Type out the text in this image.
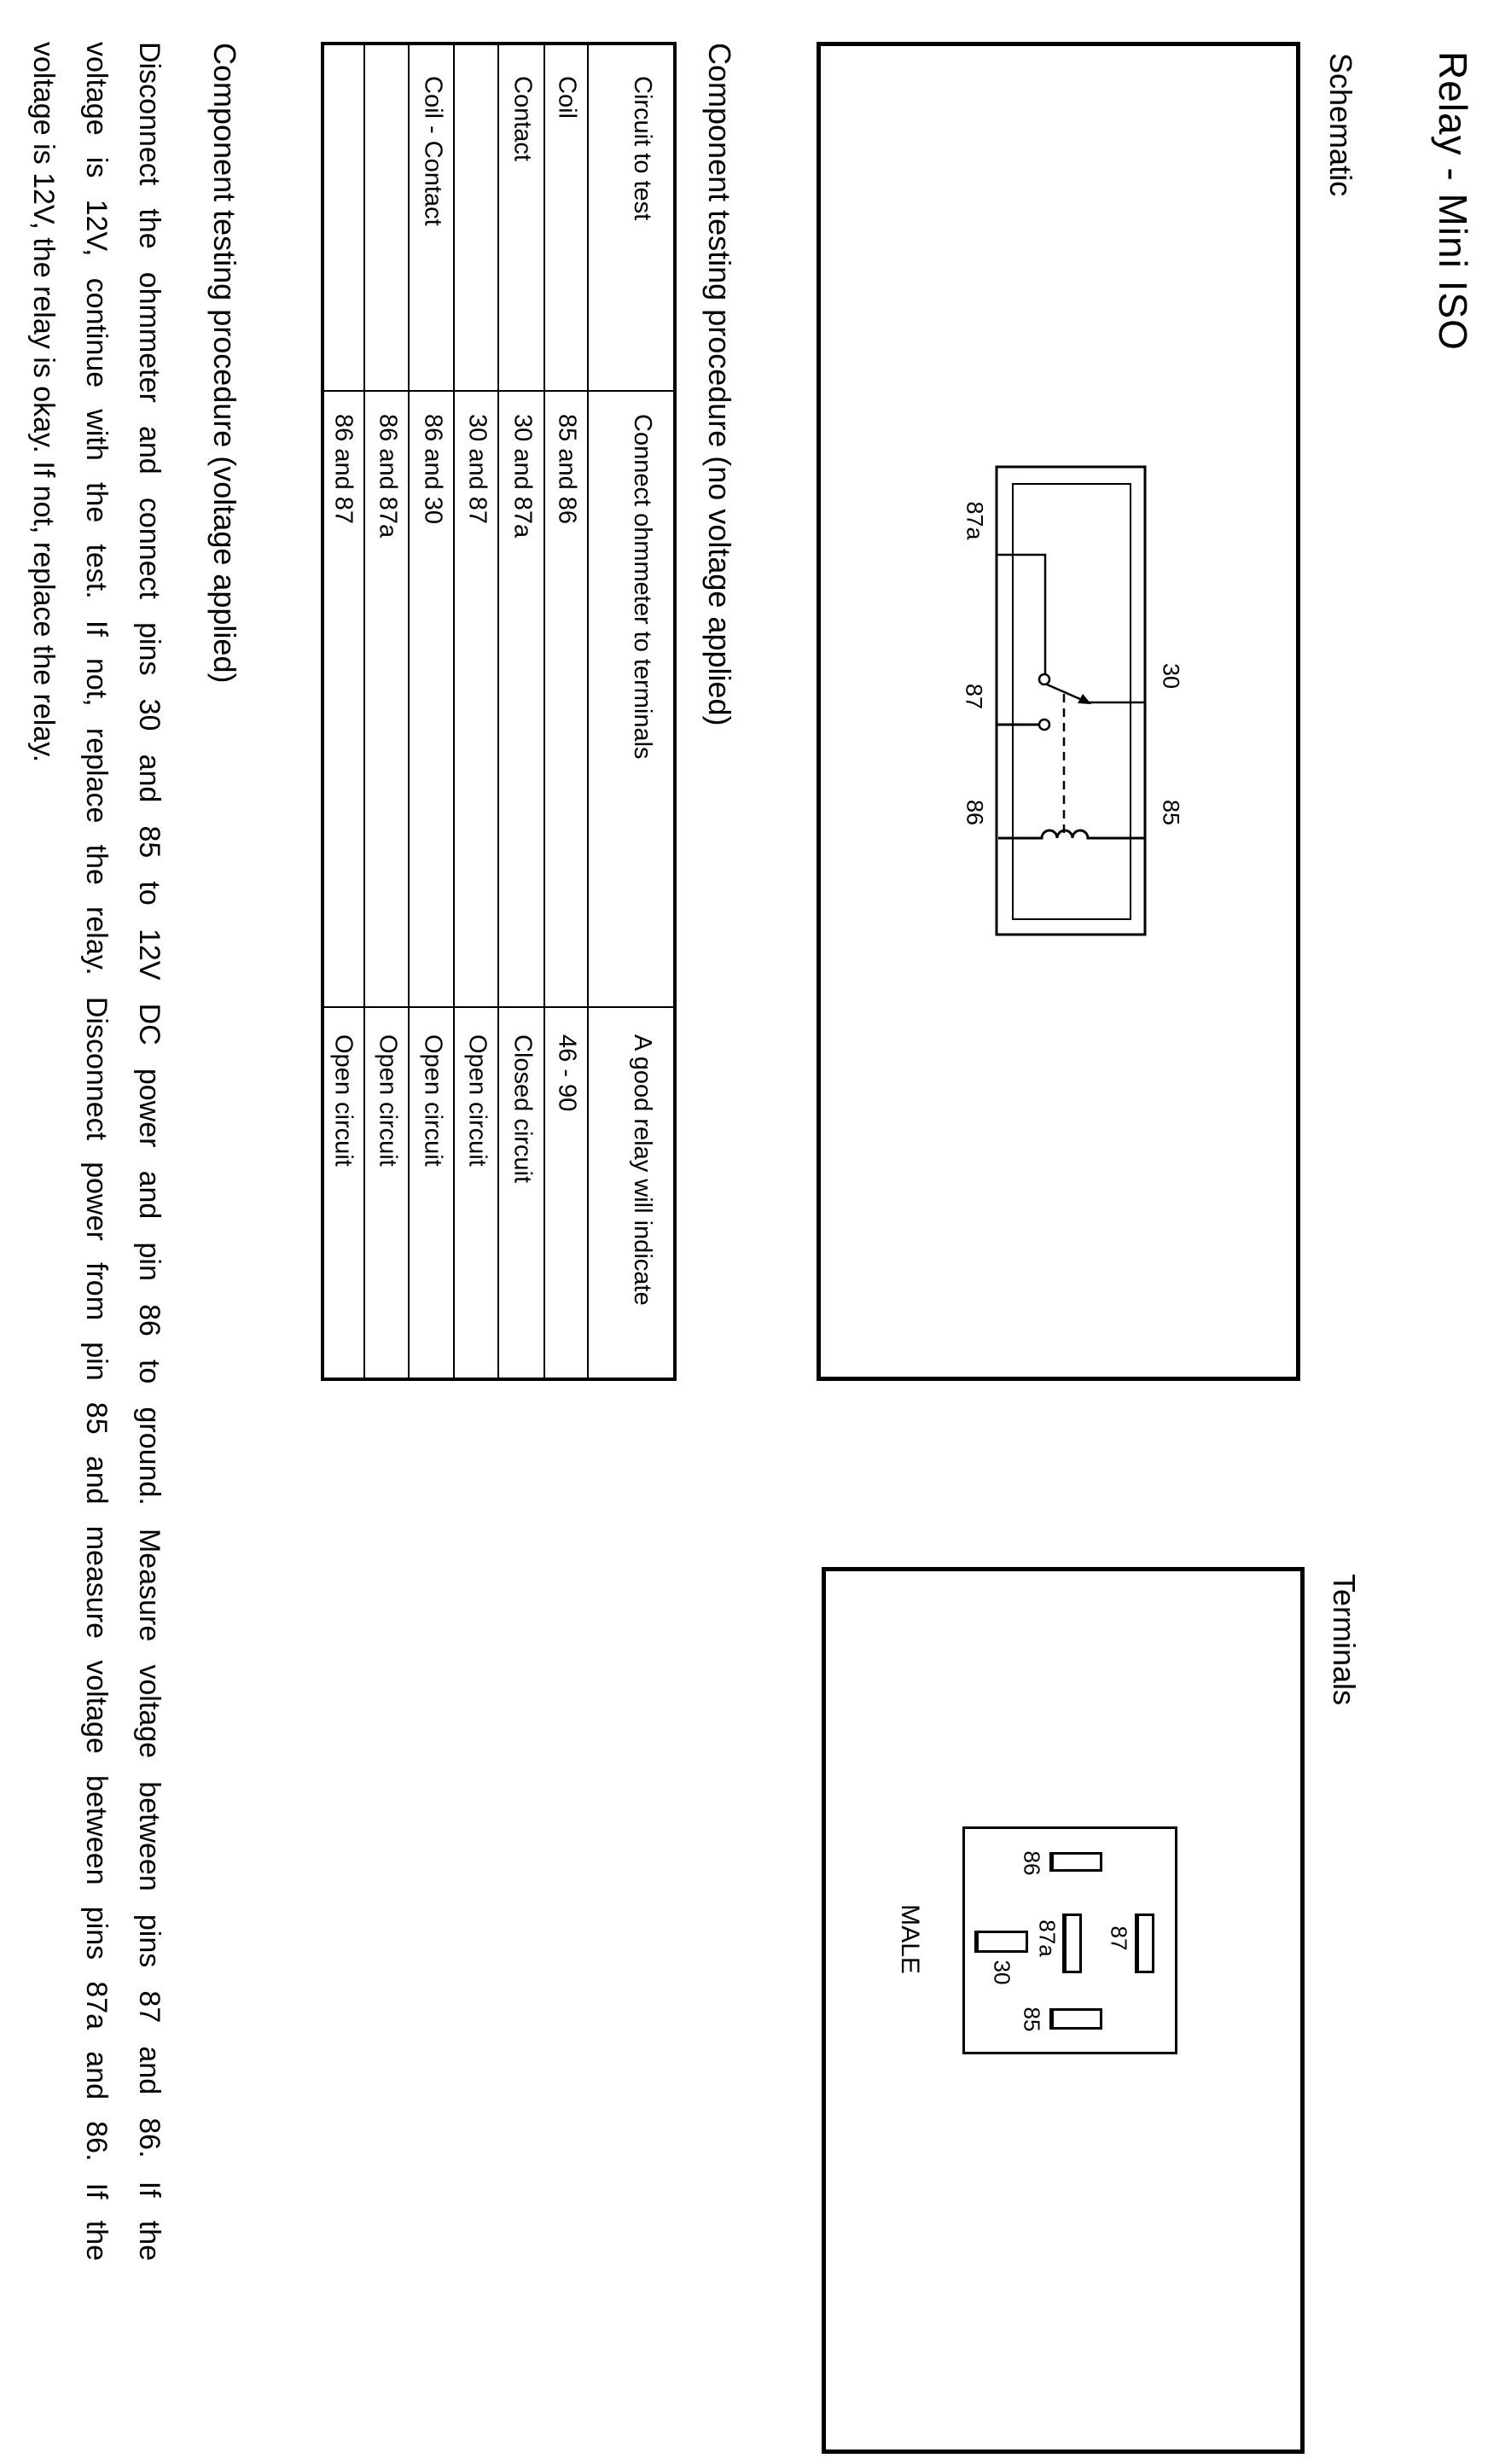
Relay - Mini ISO
Schematic
87a
87
86
30
85
Terminals
86
87
87a
30
85
MALE
Component testing procedure (no voltage applied)
Circuit to test
Connect ohmmeter to terminals
A good relay will indicate
Coil
85 and 86
46 - 90
Contact
30 and 87a
Closed circuit
30 and 87
Open circuit
Coil - Contact
86 and 30
Open circuit
86 and 87a
Open circuit
86 and 87
Open circuit
Component testing procedure (voltage applied)
Disconnect the ohmmeter and connect pins 30 and 85 to 12V DC power and pin 86 to ground. Measure voltage between pins 87 and 86. If the
voltage is 12V, continue with the test. If not, replace the relay. Disconnect power from pin 85 and measure voltage between pins 87a and 86. If the
voltage is 12V, the relay is okay. If not, replace the relay.
